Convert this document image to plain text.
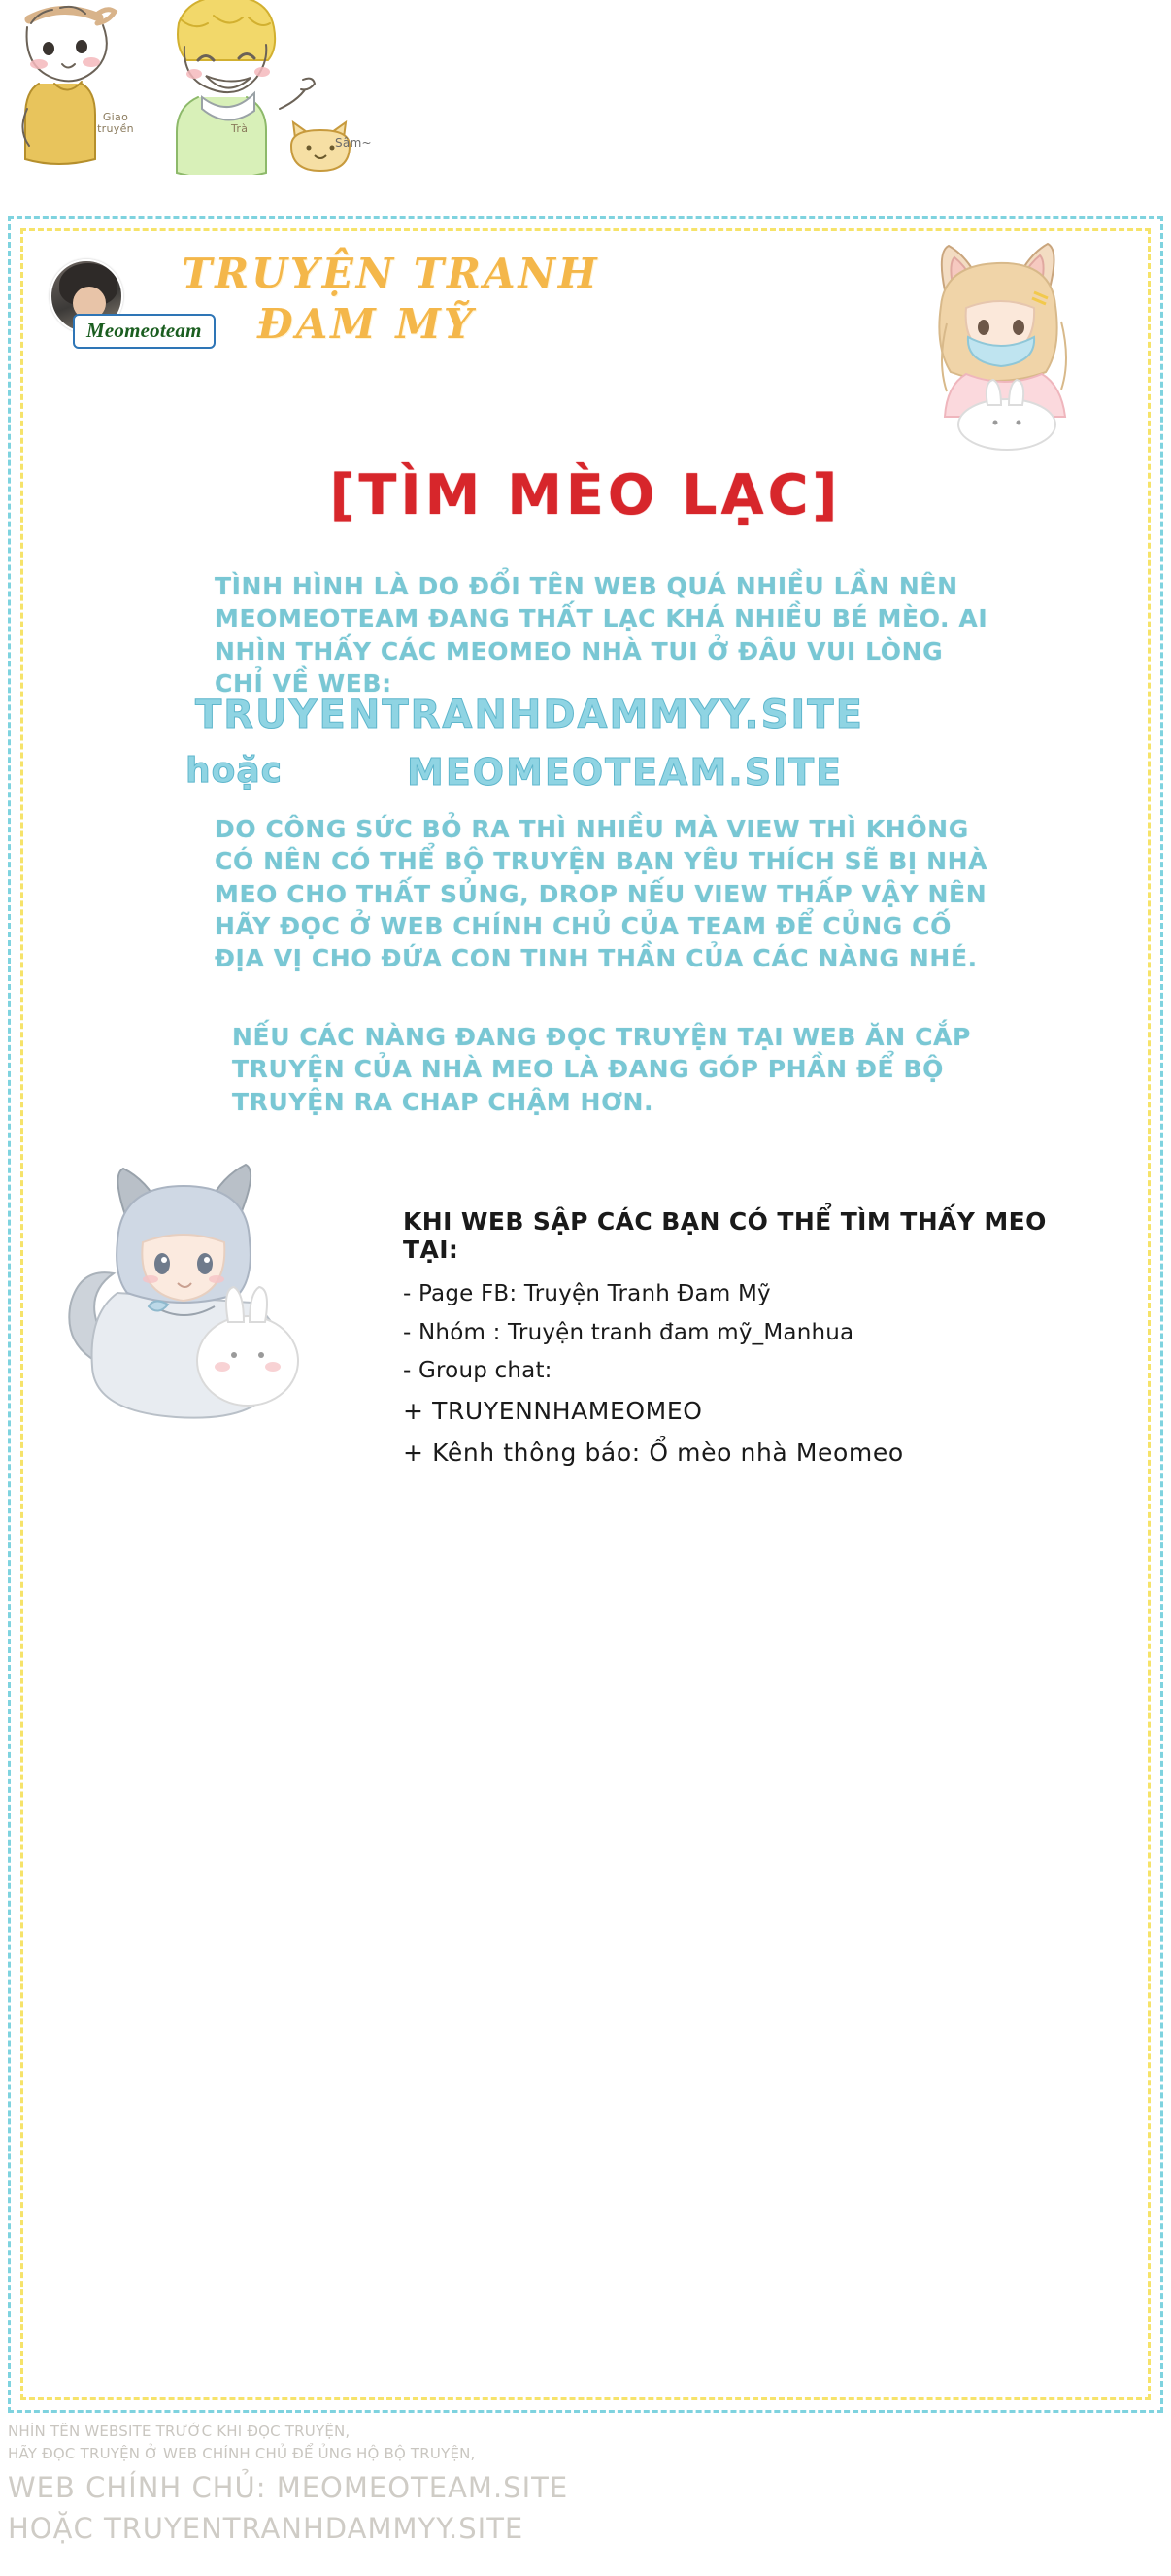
Giao
truyền	Trà
Sâm~
Meomeoteam
TRUYỆN TRANH
ĐAM MỸ
[TÌM MÈO LẠC]
TÌNH HÌNH LÀ DO ĐỔI TÊN WEB QUÁ NHIỀU LẦN NÊN MEOMEOTEAM ĐANG THẤT LẠC KHÁ NHIỀU BÉ MÈO. AI NHÌN THẤY CÁC MEOMEO NHÀ TUI Ở ĐÂU VUI LÒNG CHỈ VỀ WEB:
TRUYENTRANHDAMMYY.SITE
hoặc	MEOMEOTEAM.SITE
DO CÔNG SỨC BỎ RA THÌ NHIỀU MÀ VIEW THÌ KHÔNG CÓ NÊN CÓ THỂ BỘ TRUYỆN BẠN YÊU THÍCH SẼ BỊ NHÀ MEO CHO THẤT SỦNG, DROP NẾU VIEW THẤP VẬY NÊN HÃY ĐỌC Ở WEB CHÍNH CHỦ CỦA TEAM ĐỂ CỦNG CỐ ĐỊA VỊ CHO ĐỨA CON TINH THẦN CỦA CÁC NÀNG NHÉ.
NẾU CÁC NÀNG ĐANG ĐỌC TRUYỆN TẠI WEB ĂN CẮP TRUYỆN CỦA NHÀ MEO LÀ ĐANG GÓP PHẦN ĐỂ BỘ TRUYỆN RA CHAP CHẬM HƠN.
KHI WEB SẬP CÁC BẠN CÓ THỂ TÌM THẤY MEO TẠI:
- Page FB: Truyện Tranh Đam Mỹ
- Nhóm : Truyện tranh đam mỹ_Manhua
- Group chat:
+ TRUYENNHAMEOMEO
+ Kênh thông báo: Ổ mèo nhà Meomeo
NHÌN TÊN WEBSITE TRƯỚC KHI ĐỌC TRUYỆN,
HÃY ĐỌC TRUYỆN Ở WEB CHÍNH CHỦ ĐỂ ỦNG HỘ BỘ TRUYỆN,
WEB CHÍNH CHỦ: MEOMEOTEAM.SITE
HOẶC TRUYENTRANHDAMMYY.SITE
